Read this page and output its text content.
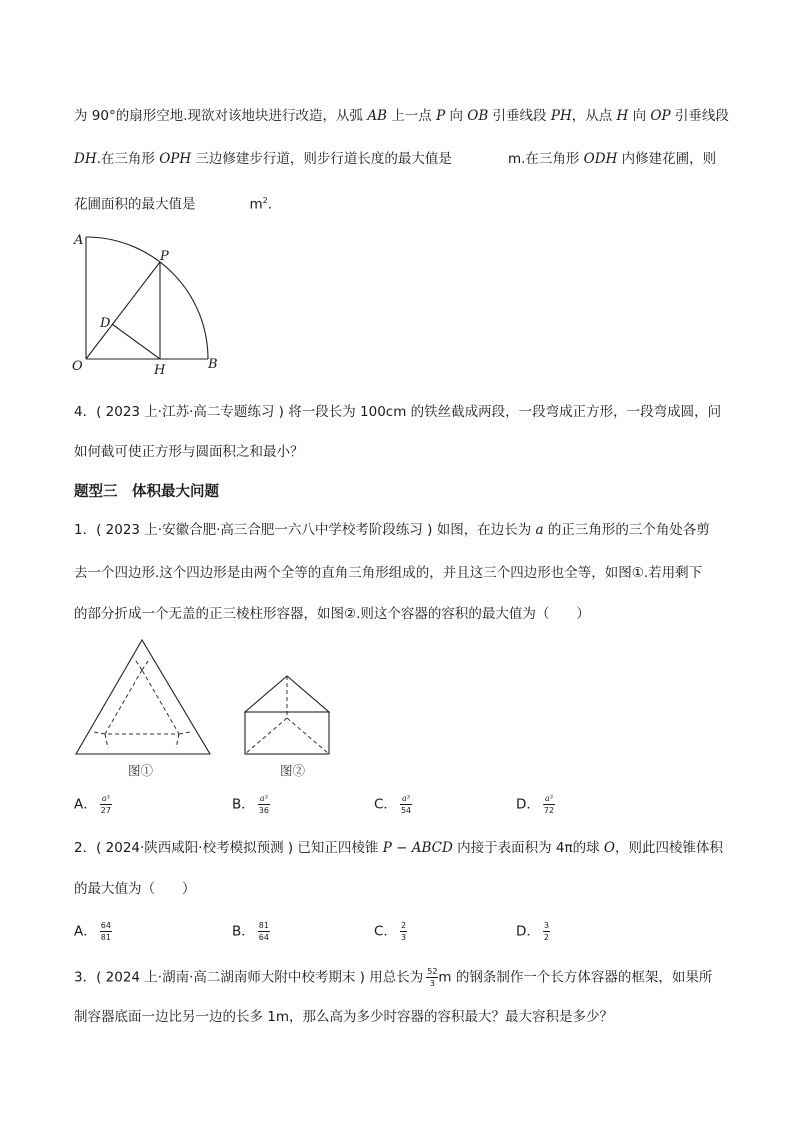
为 90°的扇形空地.现欲对该地块进行改造，从弧 AB 上一点 P 向 OB 引垂线段 PH，从点 H 向 OP 引垂线段
DH.在三角形 OPH 三边修建步行道，则步行道长度的最大值是	m.在三角形 ODH 内修建花圃，则
花圃面积的最大值是	$m^2$.
A
P
D
O	H	B
4．( 2023 上·江苏·高二专题练习 ) 将一段长为 100cm 的铁丝截成两段，一段弯成正方形，一段弯成圆，问
如何截可使正方形与圆面积之和最小？
题型三　体积最大问题
1．( 2023 上·安徽合肥·高三合肥一六八中学校考阶段练习 ) 如图，在边长为 a 的正三角形的三个角处各剪
去一个四边形.这个四边形是由两个全等的直角三角形组成的，并且这三个四边形也全等，如图①.若用剩下
的部分折成一个无盖的正三棱柱形容器，如图②.则这个容器的容积的最大值为（　　）
图①	图②
A． $\frac{\text{a³}}{27}$	B． $\frac{\text{a³}}{36}$	C． $\frac{\text{a³}}{54}$	D． $\frac{\text{a³}}{72}$
2．( 2024·陕西咸阳·校考模拟预测 ) 已知正四棱锥 P − ABCD 内接于表面积为 4π的球 O，则此四棱锥体积
的最大值为（　　）
A． $\frac{64}{81}$	B． $\frac{81}{64}$	C． $\frac{2}{3}$	D． $\frac{3}{2}$
3．( 2024 上·湖南·高二湖南师大附中校考期末 ) 用总长为 $\frac{52}{3}$ m 的钢条制作一个长方体容器的框架，如果所
制容器底面一边比另一边的长多 1m，那么高为多少时容器的容积最大？最大容积是多少？
